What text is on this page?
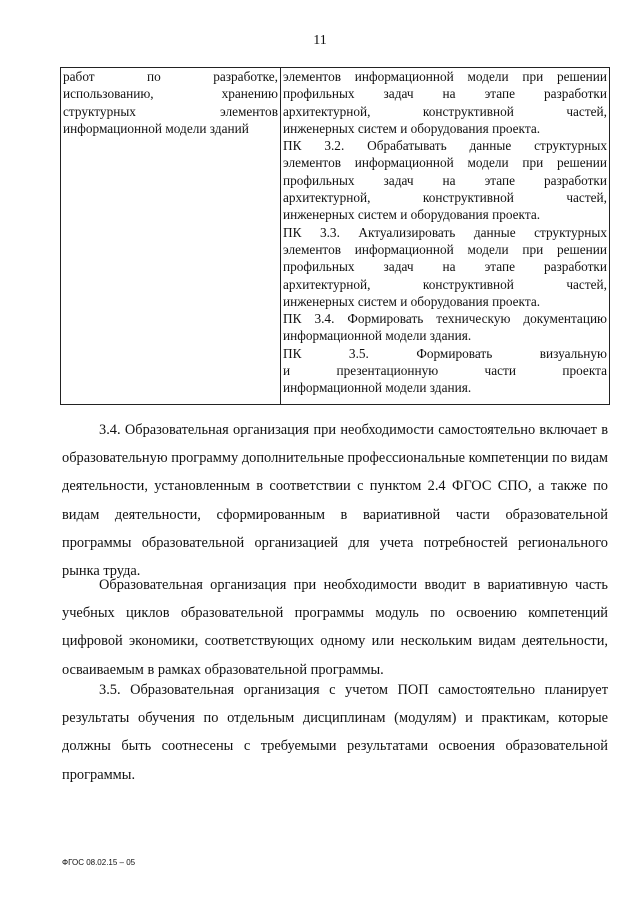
11
работ по разработке,
использованию, хранению
структурных элементов
информационной модели зданий

элементов информационной модели при решении
профильных задач на этапе разработки
архитектурной, конструктивной частей,
инженерных систем и оборудования проекта.
ПК 3.2. Обрабатывать данные структурных
элементов информационной модели при решении
профильных задач на этапе разработки
архитектурной, конструктивной частей,
инженерных систем и оборудования проекта.
ПК 3.3. Актуализировать данные структурных
элементов информационной модели при решении
профильных задач на этапе разработки
архитектурной, конструктивной частей,
инженерных систем и оборудования проекта.
ПК 3.4. Формировать техническую документацию
информационной модели здания.
ПК 3.5. Формировать визуальную
и презентационную части проекта
информационной модели здания.

3.4. Образовательная организация при необходимости самостоятельно включает в образовательную программу дополнительные профессиональные компетенции по видам деятельности, установленным в соответствии с пунктом 2.4 ФГОС СПО, а также по видам деятельности, сформированным в вариативной части образовательной программы образовательной организацией для учета потребностей регионального рынка труда.

Образовательная организация при необходимости вводит в вариативную часть учебных циклов образовательной программы модуль по освоению компетенций цифровой экономики, соответствующих одному или нескольким видам деятельности, осваиваемым в рамках образовательной программы.

3.5. Образовательная организация с учетом ПОП самостоятельно планирует результаты обучения по отдельным дисциплинам (модулям) и практикам, которые должны быть соотнесены с требуемыми результатами освоения образовательной программы.

ФГОС 08.02.15 – 05
